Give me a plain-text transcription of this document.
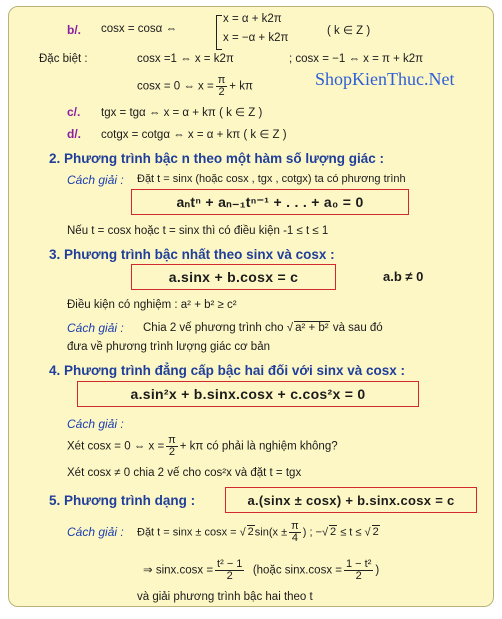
ShopKienThuc.Net
b/. cosx = cosα ⇔
x = α + k2π
x = −α + k2π
( k ∈ Z )
Đặc biệt :	cosx =1 ⇔ x = k2π	; cosx = −1 ⇔ x = π + k2π
cosx = 0 ⇔ $x = \frac{\pi}{2} + k\pi$
c/. tgx = tgα ⇔ x = α + kπ ( k ∈ Z )
d/. cotgx = cotgα ⇔ x = α + kπ ( k ∈ Z )
2. Phương trình bậc n theo một hàm số lượng giác :
Cách giải : Đặt t = sinx (hoặc cosx , tgx , cotgx) ta có phương trình
aₙtⁿ + aₙ₋₁tⁿ⁻¹ + . . . + a₀ = 0
Nếu t = cosx hoặc t = sinx thì có điều kiện -1 ≤ t ≤ 1
3. Phương trình bậc nhất theo sinx và cosx :
a.sinx + b.cosx = c	a.b ≠ 0
Điều kiện có nghiệm : a² + b² ≥ c²
Cách giải : Chia 2 vế phương trình cho √ a² + b² và sau đó
đưa về phương trình lượng giác cơ bản
4. Phương trình đẳng cấp bậc hai đối với sinx và cosx :
a.sin²x + b.sinx.cosx + c.cos²x = 0
Cách giải :
Xét cosx = 0 ⇔ $x = \frac{\pi}{2} + k\pi$ có phải là nghiệm không?
Xét cosx ≠ 0 chia 2 vế cho cos²x và đặt t = tgx
5. Phương trình dạng :	a.(sinx ± cosx) + b.sinx.cosx = c
Cách giải : Đặt t = sinx ± cosx = √ $2\sin(x \pm \frac{\pi}{4}$ ) ; −√ 2 ≤ t ≤ √ 2
⇒ $\sin x.\cos x = \frac{\text{t² − 1}}{2}$ (hoặc $\sin x.\cos x = \frac{\text{1 − t²}}{2}$ )
và giải phương trình bậc hai theo t
